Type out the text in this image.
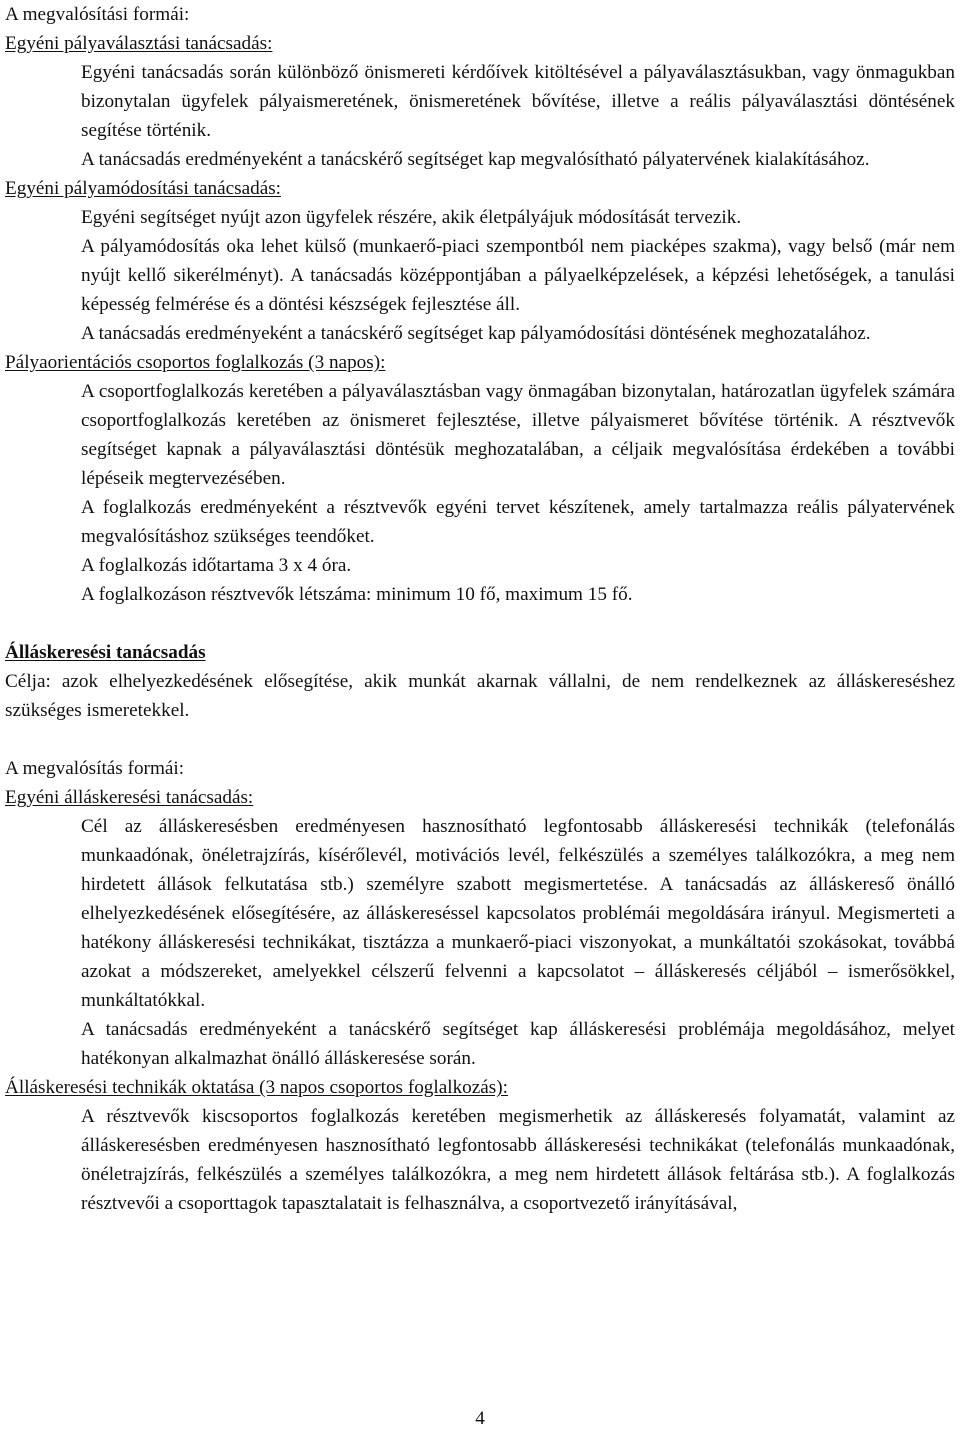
A megvalósítási formái:
Egyéni pályaválasztási tanácsadás:
Egyéni tanácsadás során különböző önismereti kérdőívek kitöltésével a pályaválasztásukban, vagy önmagukban bizonytalan ügyfelek pályaismeretének, önismeretének bővítése, illetve a reális pályaválasztási döntésének segítése történik.
A tanácsadás eredményeként a tanácskérő segítséget kap megvalósítható pályatervének kialakításához.
Egyéni pályamódosítási tanácsadás:
Egyéni segítséget nyújt azon ügyfelek részére, akik életpályájuk módosítását tervezik.
A pályamódosítás oka lehet külső (munkaerő-piaci szempontból nem piacképes szakma), vagy belső (már nem nyújt kellő sikerélményt). A tanácsadás középpontjában a pályaelképzelések, a képzési lehetőségek, a tanulási képesség felmérése és a döntési készségek fejlesztése áll.
A tanácsadás eredményeként a tanácskérő segítséget kap pályamódosítási döntésének meghozatalához.
Pályaorientációs csoportos foglalkozás (3 napos):
A csoportfoglalkozás keretében a pályaválasztásban vagy önmagában bizonytalan, határozatlan ügyfelek számára csoportfoglalkozás keretében az önismeret fejlesztése, illetve pályaismeret bővítése történik. A résztvevők segítséget kapnak a pályaválasztási döntésük meghozatalában, a céljaik megvalósítása érdekében a további lépéseik megtervezésében.
A foglalkozás eredményeként a résztvevők egyéni tervet készítenek, amely tartalmazza reális pályatervének megvalósításhoz szükséges teendőket.
A foglalkozás időtartama 3 x 4 óra.
A foglalkozáson résztvevők létszáma: minimum 10 fő, maximum 15 fő.
Álláskeresési tanácsadás
Célja: azok elhelyezkedésének elősegítése, akik munkát akarnak vállalni, de nem rendelkeznek az álláskereséshez szükséges ismeretekkel.
A megvalósítás formái:
Egyéni álláskeresési tanácsadás:
Cél az álláskeresésben eredményesen hasznosítható legfontosabb álláskeresési technikák (telefonálás munkaadónak, önéletrajzírás, kísérőlevél, motivációs levél, felkészülés a személyes találkozókra, a meg nem hirdetett állások felkutatása stb.) személyre szabott megismertetése. A tanácsadás az álláskereső önálló elhelyezkedésének elősegítésére, az álláskereséssel kapcsolatos problémái megoldására irányul. Megismerteti a hatékony álláskeresési technikákat, tisztázza a munkaerő-piaci viszonyokat, a munkáltatói szokásokat, továbbá azokat a módszereket, amelyekkel célszerű felvenni a kapcsolatot – álláskeresés céljából – ismerősökkel, munkáltatókkal.
A tanácsadás eredményeként a tanácskérő segítséget kap álláskeresési problémája megoldásához, melyet hatékonyan alkalmazhat önálló álláskeresése során.
Álláskeresési technikák oktatása (3 napos csoportos foglalkozás):
A résztvevők kiscsoportos foglalkozás keretében megismerhetik az álláskeresés folyamatát, valamint az álláskeresésben eredményesen hasznosítható legfontosabb álláskeresési technikákat (telefonálás munkaadónak, önéletrajzírás, felkészülés a személyes találkozókra, a meg nem hirdetett állások feltárása stb.). A foglalkozás résztvevői a csoporttagok tapasztalatait is felhasználva, a csoportvezető irányításával,
4
